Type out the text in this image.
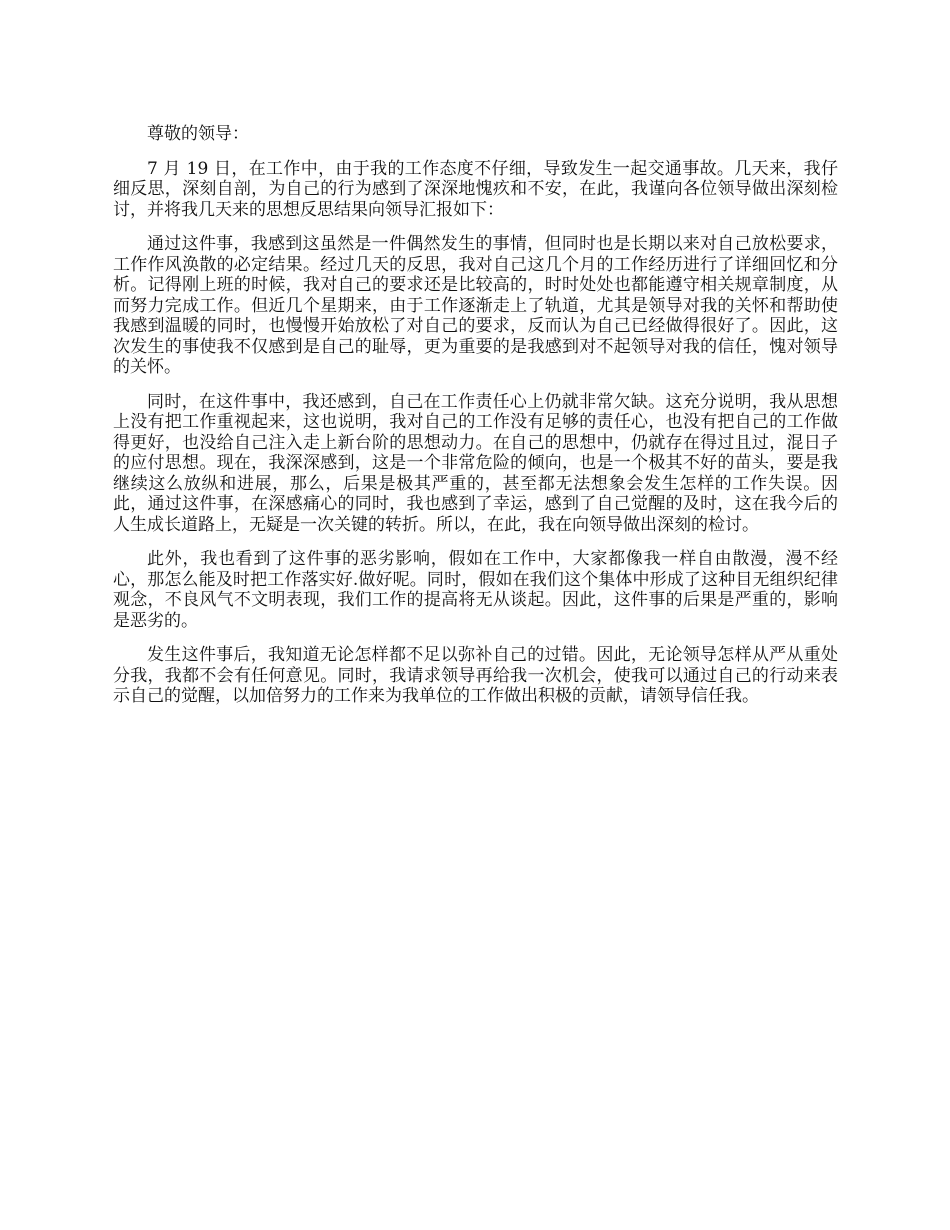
尊敬的领导：

7 月 19 日，在工作中，由于我的工作态度不仔细，导致发生一起交通事故。几天来，我仔细反思，深刻自剖，为自己的行为感到了深深地愧疚和不安，在此，我谨向各位领导做出深刻检讨，并将我几天来的思想反思结果向领导汇报如下：

通过这件事，我感到这虽然是一件偶然发生的事情，但同时也是长期以来对自己放松要求，工作作风涣散的必定结果。经过几天的反思，我对自己这几个月的工作经历进行了详细回忆和分析。记得刚上班的时候，我对自己的要求还是比较高的，时时处处也都能遵守相关规章制度，从而努力完成工作。但近几个星期来，由于工作逐渐走上了轨道，尤其是领导对我的关怀和帮助使我感到温暖的同时，也慢慢开始放松了对自己的要求，反而认为自己已经做得很好了。因此，这次发生的事使我不仅感到是自己的耻辱，更为重要的是我感到对不起领导对我的信任，愧对领导的关怀。

同时，在这件事中，我还感到，自己在工作责任心上仍就非常欠缺。这充分说明，我从思想上没有把工作重视起来，这也说明，我对自己的工作没有足够的责任心，也没有把自己的工作做得更好，也没给自己注入走上新台阶的思想动力。在自己的思想中，仍就存在得过且过，混日子的应付思想。现在，我深深感到，这是一个非常危险的倾向，也是一个极其不好的苗头，要是我继续这么放纵和进展，那么，后果是极其严重的，甚至都无法想象会发生怎样的工作失误。因此，通过这件事，在深感痛心的同时，我也感到了幸运，感到了自己觉醒的及时，这在我今后的人生成长道路上，无疑是一次关键的转折。所以，在此，我在向领导做出深刻的检讨。

此外，我也看到了这件事的恶劣影响，假如在工作中，大家都像我一样自由散漫，漫不经心，那怎么能及时把工作落实好.做好呢。同时，假如在我们这个集体中形成了这种目无组织纪律观念，不良风气不文明表现，我们工作的提高将无从谈起。因此，这件事的后果是严重的，影响是恶劣的。

发生这件事后，我知道无论怎样都不足以弥补自己的过错。因此，无论领导怎样从严从重处分我，我都不会有任何意见。同时，我请求领导再给我一次机会，使我可以通过自己的行动来表示自己的觉醒，以加倍努力的工作来为我单位的工作做出积极的贡献，请领导信任我。
